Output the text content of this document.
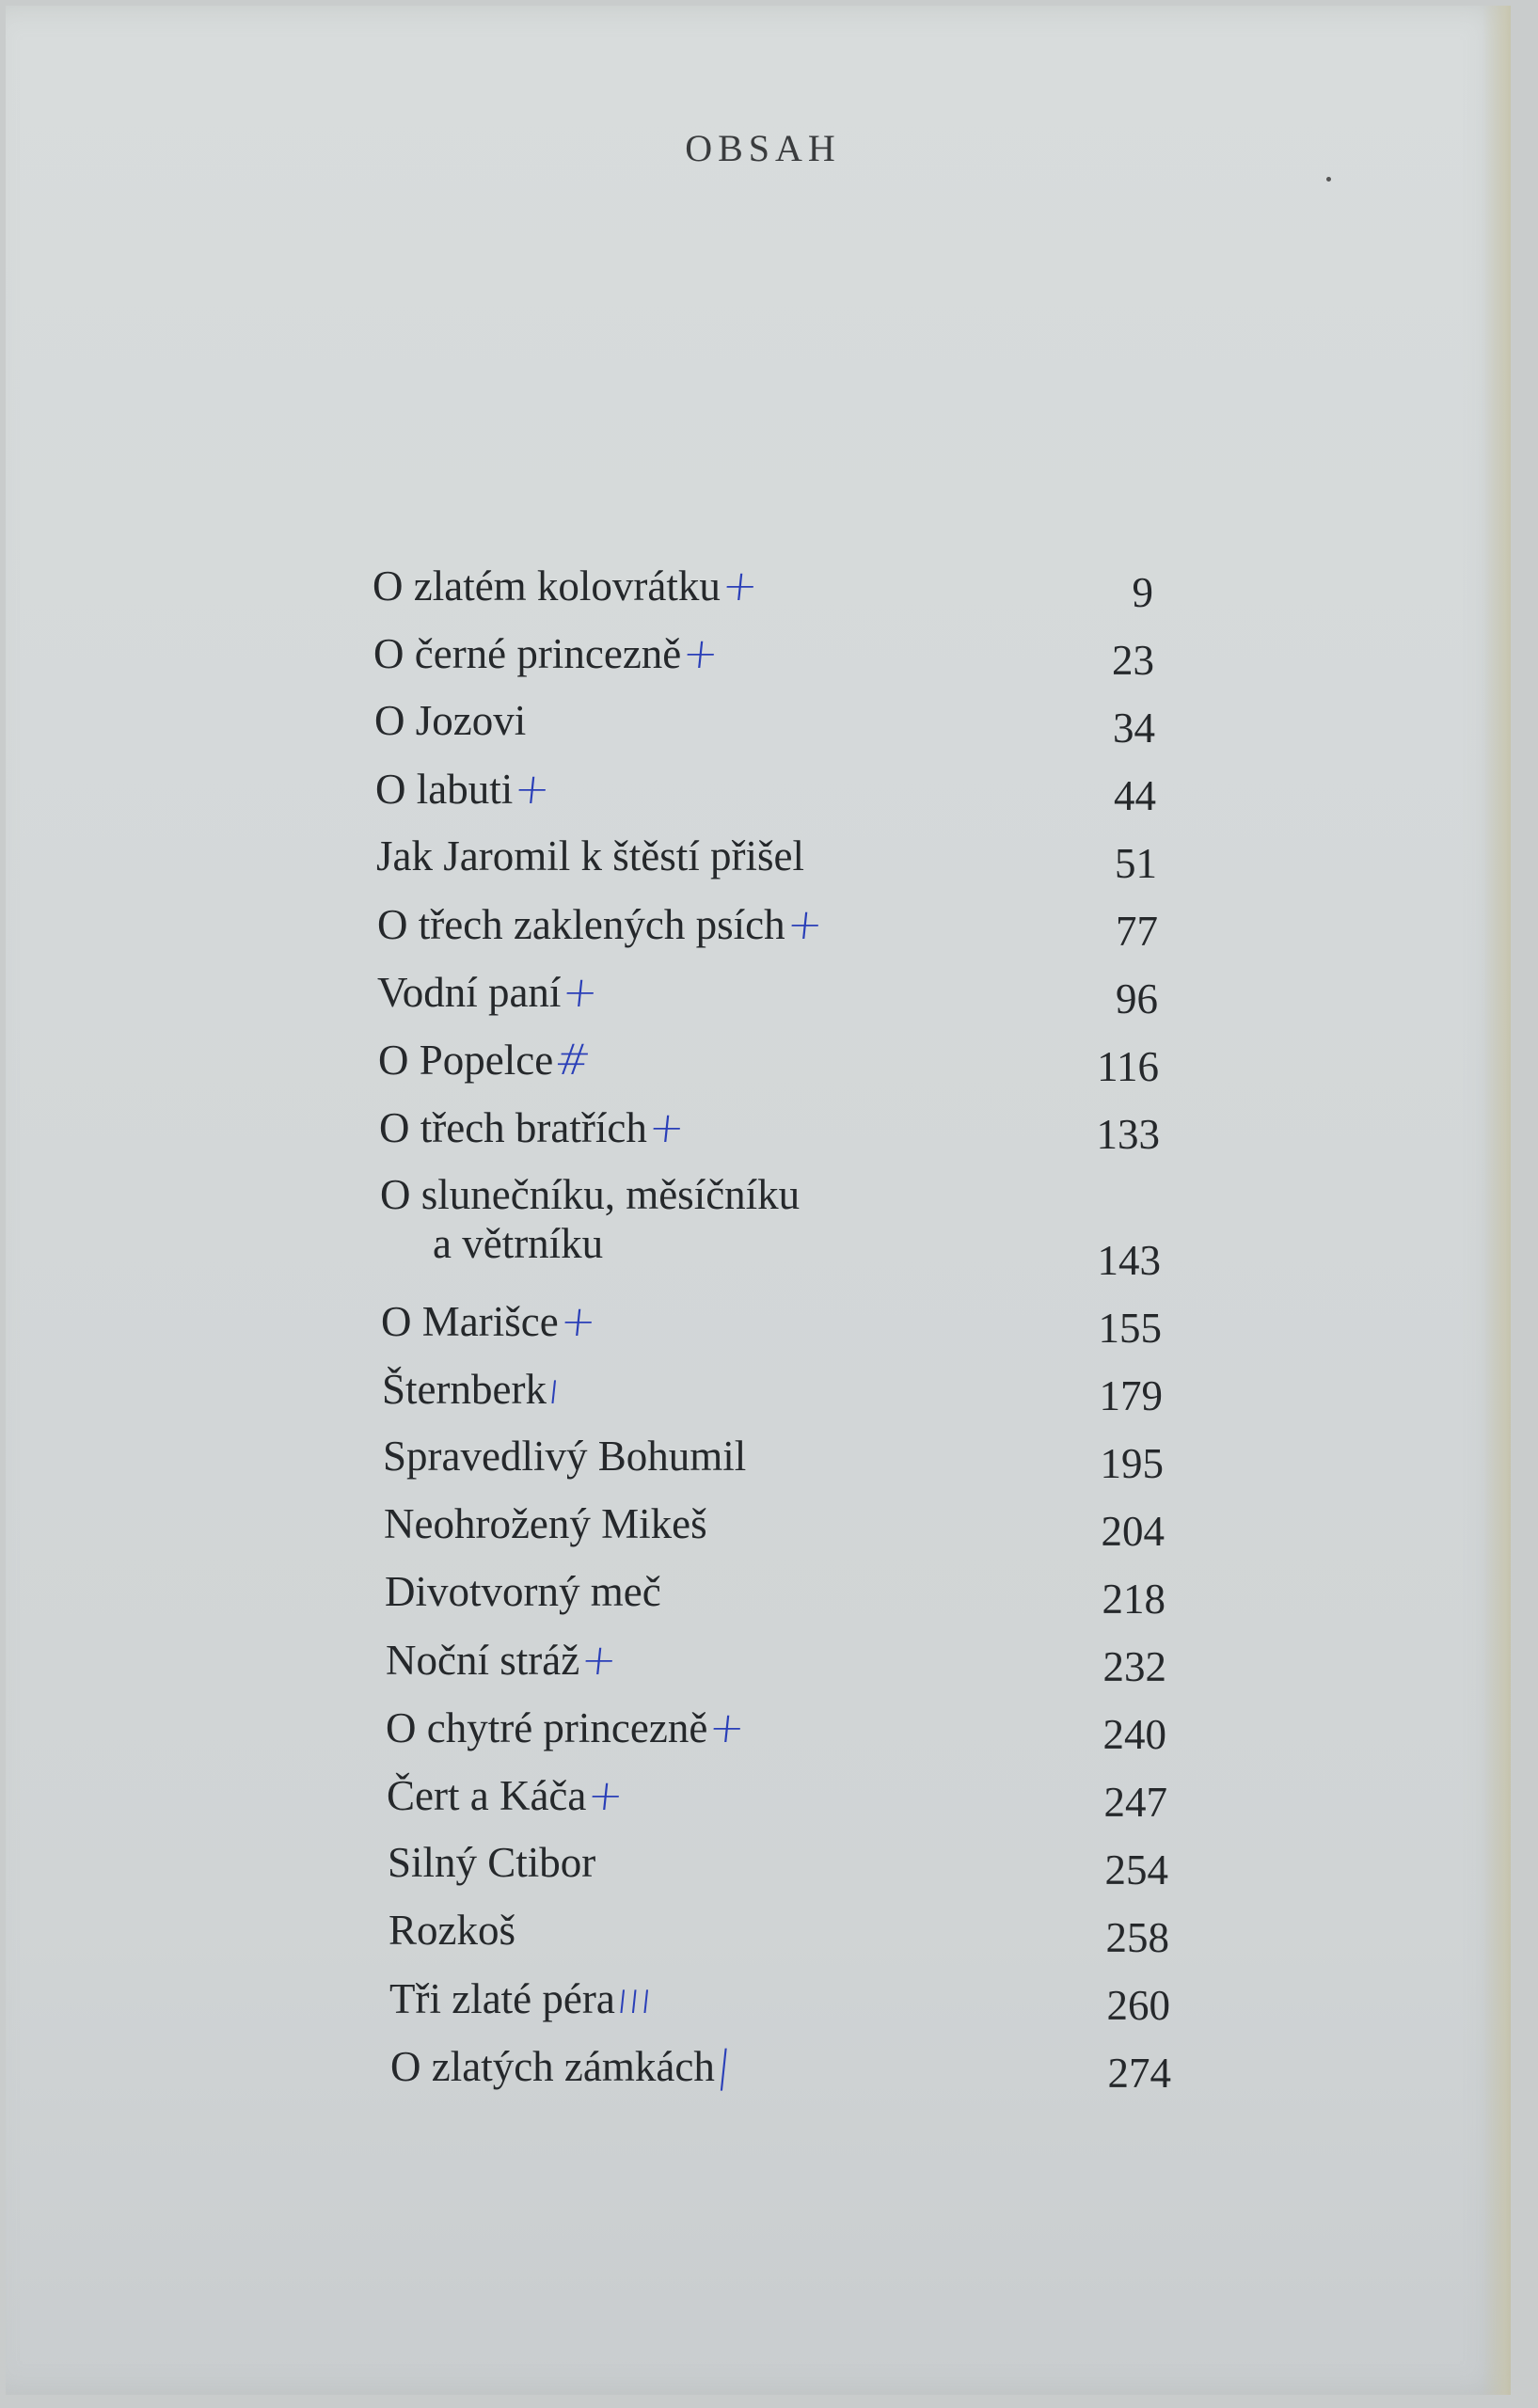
OBSAH
O zlatém kolovrátku+	9
O černé princezně+	23
O Jozovi	34
O labuti+	44
Jak Jaromil k štěstí přišel	51
O třech zaklených psích+	77
Vodní paní+	96
O Popelce#	116
O třech bratřích+	133
O slunečníku, měsíčníku
a větrníku	143
O Marišce+	155
Šternberkı	179
Spravedlivý Bohumil	195
Neohrožený Mikeš	204
Divotvorný meč	218
Noční stráž+	232
O chytré princezně+	240
Čert a Káča+	247
Silný Ctibor	254
Rozkoš	258
Tři zlaté péraııı	260
O zlatých zámkách|	274
